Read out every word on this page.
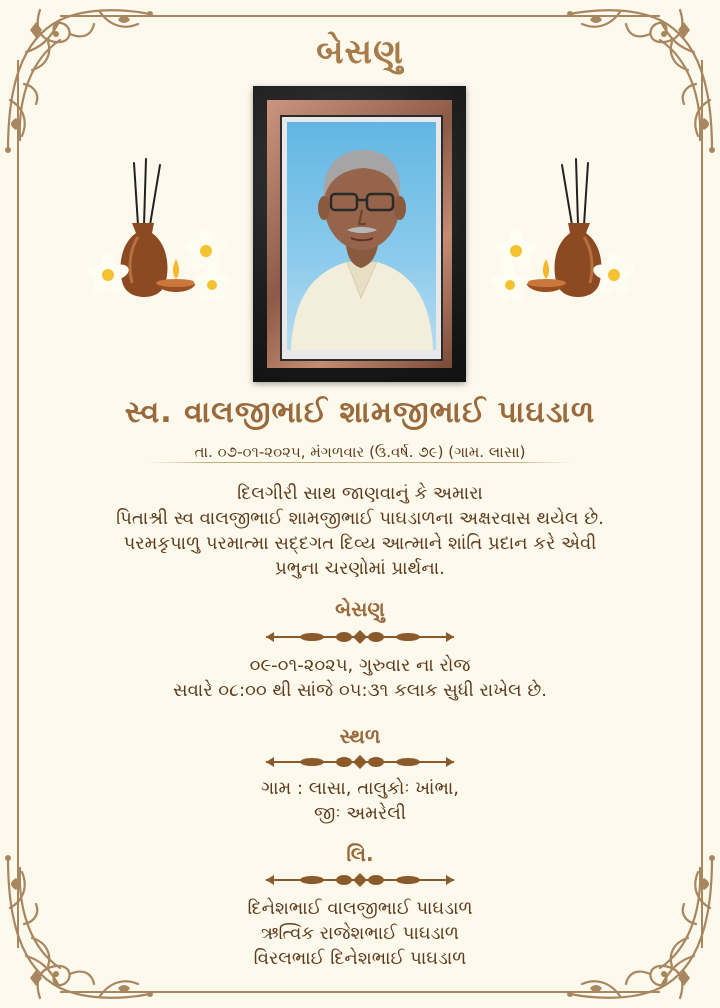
બેસણુ
સ્વ. વાલજીભાઈ શામજીભાઈ પાઘડાળ
તા. ૦૭-૦૧-૨૦૨૫, મંગળવાર (ઉ.વર્ષ. ૭૯) (ગામ. લાસા)
દિલગીરી સાથ જાણવાનું કે અમારા
પિતાશ્રી સ્વ વાલજીભાઈ શામજીભાઈ પાઘડાળના અક્ષરવાસ થયેલ છે.
પરમકૃપાળુ પરમાત્મા સદ્દગત દિવ્ય આત્માને શાંતિ પ્રદાન કરે એવી
પ્રભુના ચરણોમાં પ્રાર્થના.
બેસણુ
૦૯-૦૧-૨૦૨૫, ગુરુવાર ના રોજ
સવારે ૦૮:૦૦ થી સાંજે ૦૫:૩૧ કલાક સુધી રાખેલ છે.
સ્થળ
ગામ : લાસા, તાલુકોઃ ખાંભા,
જીઃ અમરેલી
લિ.
દિનેશભાઈ વાલજીભાઈ પાઘડાળ
ઋત્વિક રાજેશભાઈ પાઘડાળ
વિરલભાઈ દિનેશભાઈ પાઘડાળ
